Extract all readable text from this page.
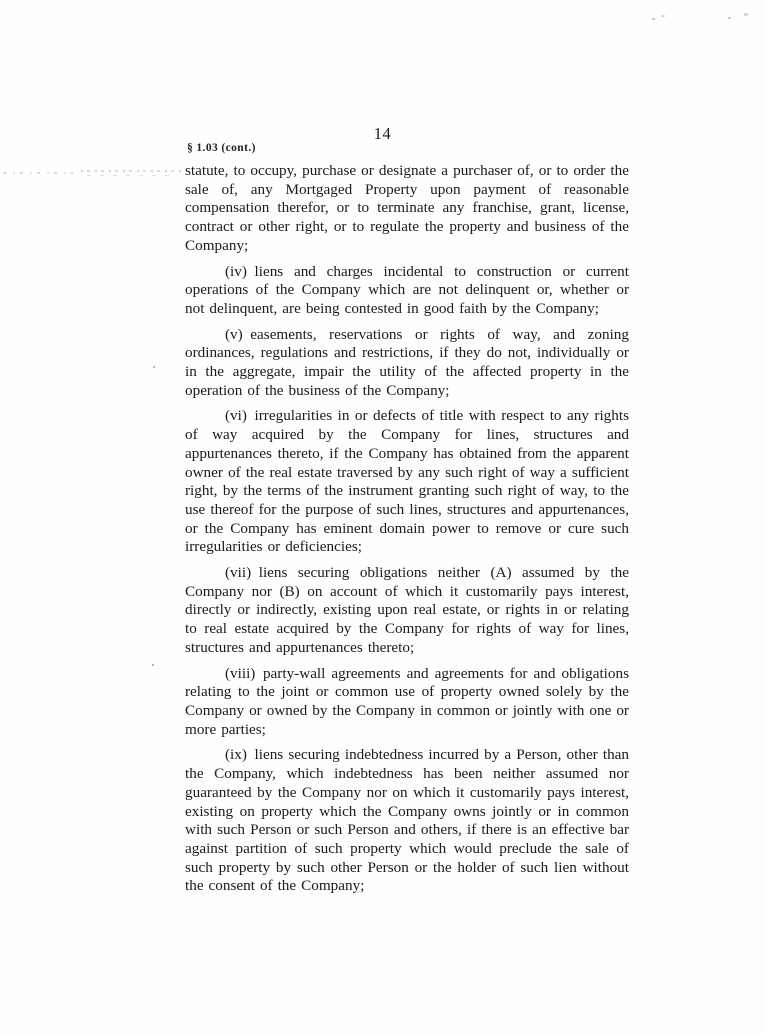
14
§ 1.03 (cont.)

statute, to occupy, purchase or designate a purchaser of, or to order the sale of, any Mortgaged Property upon payment of reasonable compensation therefor, or to terminate any franchise, grant, license, contract or other right, or to regulate the property and business of the Company;

(iv) liens and charges incidental to construction or current operations of the Company which are not delinquent or, whether or not delinquent, are being contested in good faith by the Company;

(v) easements, reservations or rights of way, and zoning ordinances, regulations and restrictions, if they do not, individually or in the aggregate, impair the utility of the affected property in the operation of the business of the Company;

(vi) irregularities in or defects of title with respect to any rights of way acquired by the Company for lines, structures and appurtenances thereto, if the Company has obtained from the apparent owner of the real estate traversed by any such right of way a sufficient right, by the terms of the instrument granting such right of way, to the use thereof for the purpose of such lines, structures and appurtenances, or the Company has eminent domain power to remove or cure such irregularities or deficiencies;

(vii) liens securing obligations neither (A) assumed by the Company nor (B) on account of which it customarily pays interest, directly or indirectly, existing upon real estate, or rights in or relating to real estate acquired by the Company for rights of way for lines, structures and appurtenances thereto;

(viii) party-wall agreements and agreements for and obligations relating to the joint or common use of property owned solely by the Company or owned by the Company in common or jointly with one or more parties;

(ix) liens securing indebtedness incurred by a Person, other than the Company, which indebtedness has been neither assumed nor guaranteed by the Company nor on which it customarily pays interest, existing on property which the Company owns jointly or in common with such Person or such Person and others, if there is an effective bar against partition of such property which would preclude the sale of such property by such other Person or the holder of such lien without the consent of the Company;
